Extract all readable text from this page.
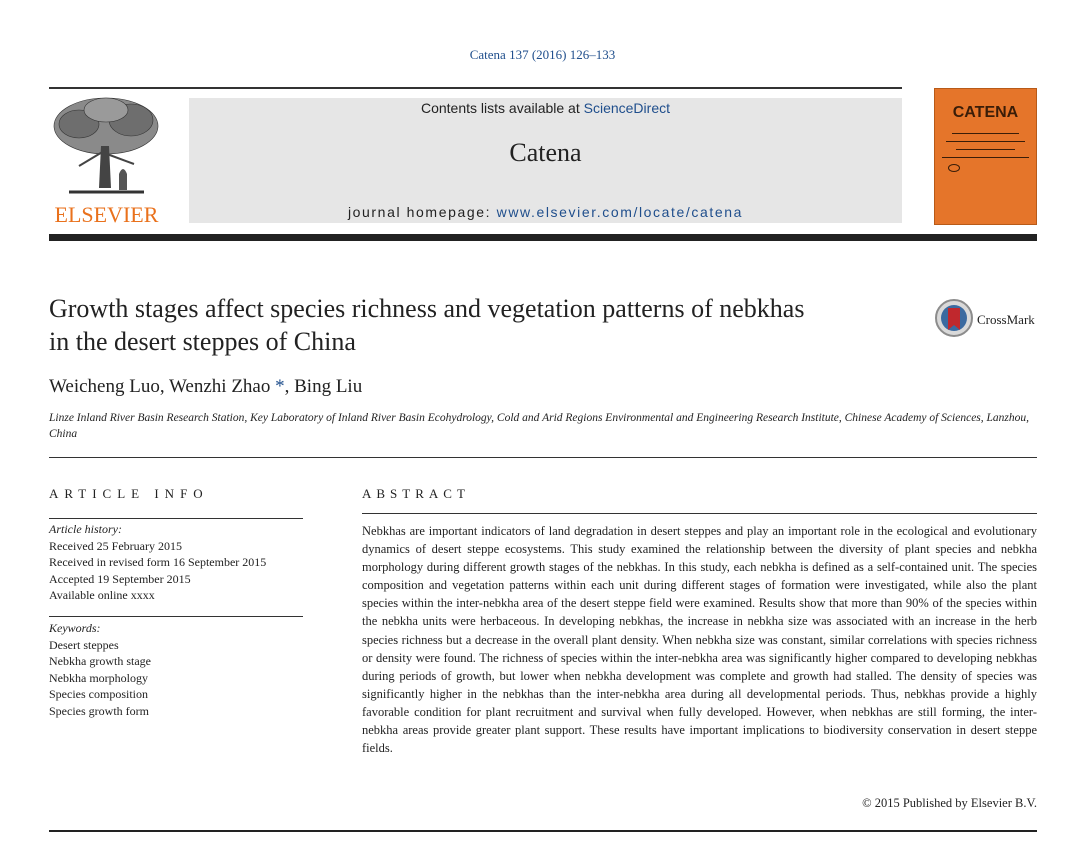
Catena 137 (2016) 126–133
ELSEVIER
Contents lists available at ScienceDirect
Catena
journal homepage: www.elsevier.com/locate/catena
CATENA
Growth stages affect species richness and vegetation patterns of nebkhas
in the desert steppes of China
CrossMark
Weicheng Luo, Wenzhi Zhao *, Bing Liu
Linze Inland River Basin Research Station, Key Laboratory of Inland River Basin Ecohydrology, Cold and Arid Regions Environmental and Engineering Research Institute, Chinese Academy of Sciences, Lanzhou, China
ARTICLE INFO
Article history:
Received 25 February 2015
Received in revised form 16 September 2015
Accepted 19 September 2015
Available online xxxx
Keywords:
Desert steppes
Nebkha growth stage
Nebkha morphology
Species composition
Species growth form
ABSTRACT
Nebkhas are important indicators of land degradation in desert steppes and play an important role in the ecological and evolutionary dynamics of desert steppe ecosystems. This study examined the relationship between the diversity of plant species and nebkha morphology during different growth stages of the nebkhas. In this study, each nebkha is defined as a self-contained unit. The species composition and vegetation patterns within each unit during different stages of formation were investigated, while also the plant species within the inter-nebkha area of the desert steppe field were examined. Results show that more than 90% of the species within the nebkha units were herbaceous. In developing nebkhas, the increase in nebkha size was associated with an increase in the herb species richness but a decrease in the overall plant density. When nebkha size was constant, similar correlations with species richness or density were found. The richness of species within the inter-nebkha area was significantly higher compared to developing nebkhas during periods of growth, but lower when nebkha development was complete and growth had stalled. The density of species was significantly higher in the nebkhas than the inter-nebkha area during all developmental periods. Thus, nebkhas provide a highly favorable condition for plant recruitment and survival when fully developed. However, when nebkhas are still forming, the inter-nebkha areas provide greater plant support. These results have important implications to biodiversity conservation in desert steppe fields.
© 2015 Published by Elsevier B.V.
